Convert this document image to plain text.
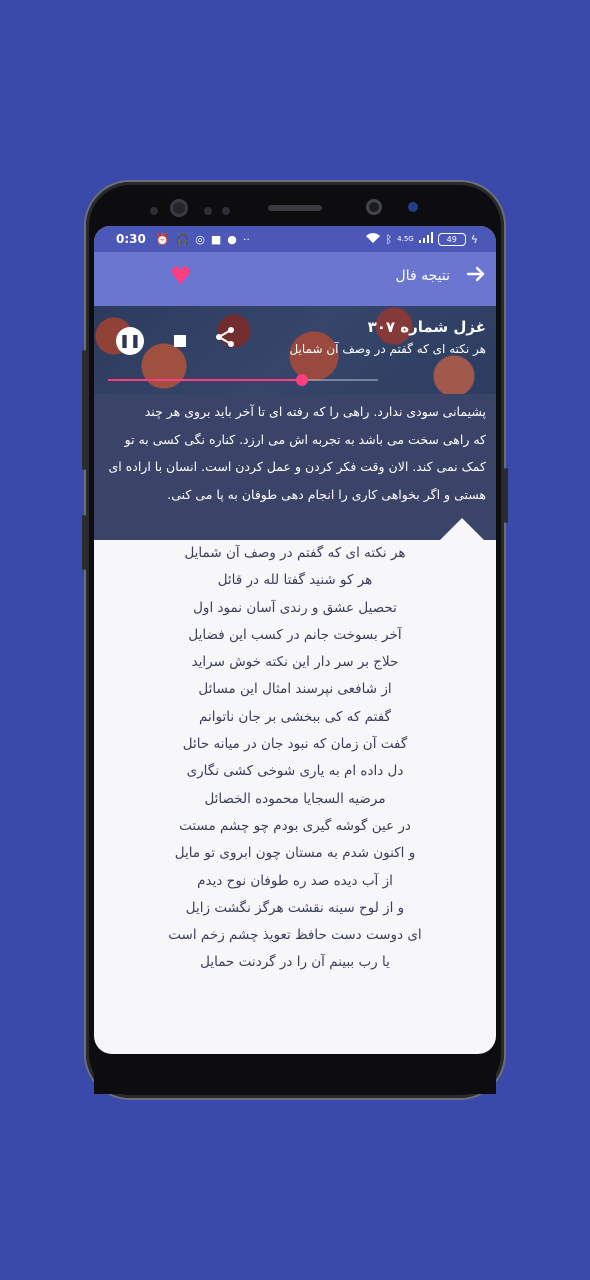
0:30 ⏰ 🎧 ◎ ■ ● ··	ᛒ 4.5G	49 ϟ
♥	نتیجه فال
غزل شماره ۳۰۷
هر نکته ای که گفتم در وصف آن شمایل
❚❚
پشیمانی سودی ندارد. راهی را که رفته ای تا آخر باید بروی هر چند
که راهی سخت می باشد به تجربه اش می ارزد. کناره نگی کسی به تو
کمک نمی کند. الان وقت فکر کردن و عمل کردن است. انسان با اراده ای
هستی و اگر بخواهی کاری را انجام دهی طوفان به پا می کنی.
هر نکته ای که گفتم در وصف آن شمایل
هر کو شنید گفتا لله در قائل
تحصیل عشق و رندی آسان نمود اول
آخر بسوخت جانم در کسب این فضایل
حلاج بر سر دار این نکته خوش سراید
از شافعی نپرسند امثال این مسائل
گفتم که کی ببخشی بر جان ناتوانم
گفت آن زمان که نبود جان در میانه حائل
دل داده ام به یاری شوخی کشی نگاری
مرضیه السجایا محموده الخصائل
در عین گوشه گیری بودم چو چشم مستت
و اکنون شدم به مستان چون ابروی تو مایل
از آب دیده صد ره طوفان نوح دیدم
و از لوح سینه نقشت هرگز نگشت زایل
ای دوست دست حافظ تعویذ چشم زخم است
یا رب ببینم آن را در گردنت حمایل
